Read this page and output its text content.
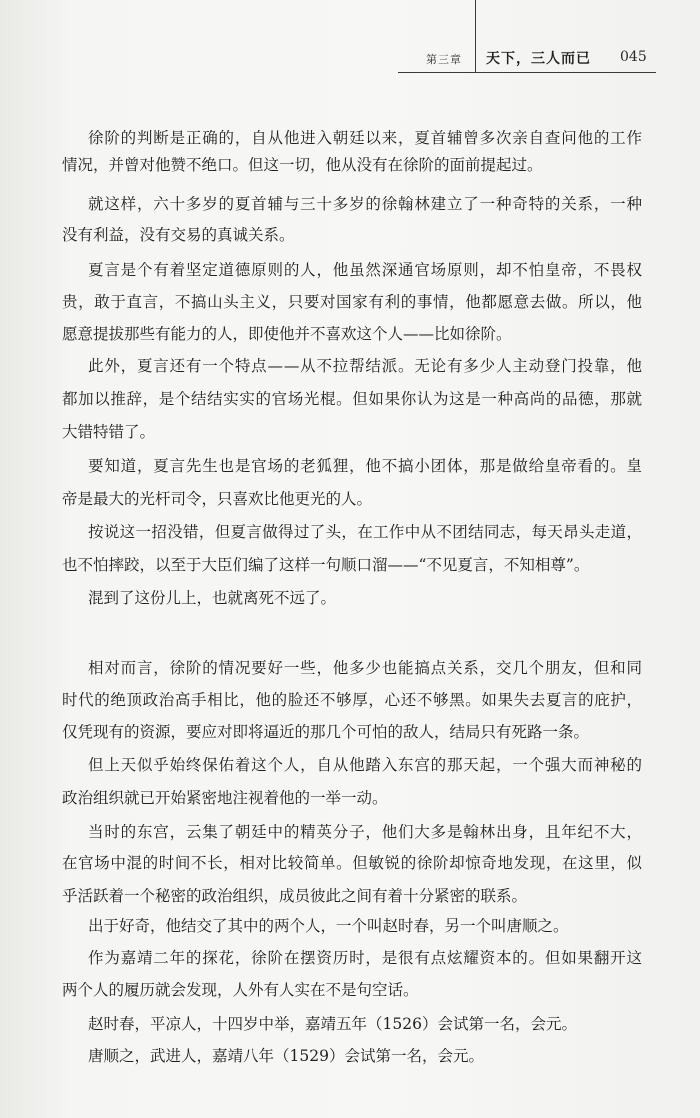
第三章 天下，三人而已 045
徐阶的判断是正确的，自从他进入朝廷以来，夏首辅曾多次亲自查问他的工作
情况，并曾对他赞不绝口。但这一切，他从没有在徐阶的面前提起过。
就这样，六十多岁的夏首辅与三十多岁的徐翰林建立了一种奇特的关系，一种
没有利益，没有交易的真诚关系。
夏言是个有着坚定道德原则的人，他虽然深通官场原则，却不怕皇帝，不畏权
贵，敢于直言，不搞山头主义，只要对国家有利的事情，他都愿意去做。所以，他
愿意提拔那些有能力的人，即使他并不喜欢这个人——比如徐阶。
此外，夏言还有一个特点——从不拉帮结派。无论有多少人主动登门投靠，他
都加以推辞，是个结结实实的官场光棍。但如果你认为这是一种高尚的品德，那就
大错特错了。
要知道，夏言先生也是官场的老狐狸，他不搞小团体，那是做给皇帝看的。皇
帝是最大的光杆司令，只喜欢比他更光的人。
按说这一招没错，但夏言做得过了头，在工作中从不团结同志，每天昂头走道，
也不怕摔跤，以至于大臣们编了这样一句顺口溜——“不见夏言，不知相尊”。
混到了这份儿上，也就离死不远了。
相对而言，徐阶的情况要好一些，他多少也能搞点关系，交几个朋友，但和同
时代的绝顶政治高手相比，他的脸还不够厚，心还不够黑。如果失去夏言的庇护，
仅凭现有的资源，要应对即将逼近的那几个可怕的敌人，结局只有死路一条。
但上天似乎始终保佑着这个人，自从他踏入东宫的那天起，一个强大而神秘的
政治组织就已开始紧密地注视着他的一举一动。
当时的东宫，云集了朝廷中的精英分子，他们大多是翰林出身，且年纪不大，
在官场中混的时间不长，相对比较简单。但敏锐的徐阶却惊奇地发现，在这里，似
乎活跃着一个秘密的政治组织，成员彼此之间有着十分紧密的联系。
出于好奇，他结交了其中的两个人，一个叫赵时春，另一个叫唐顺之。
作为嘉靖二年的探花，徐阶在摆资历时，是很有点炫耀资本的。但如果翻开这
两个人的履历就会发现，人外有人实在不是句空话。
赵时春，平凉人，十四岁中举，嘉靖五年（1526）会试第一名，会元。
唐顺之，武进人，嘉靖八年（1529）会试第一名，会元。
